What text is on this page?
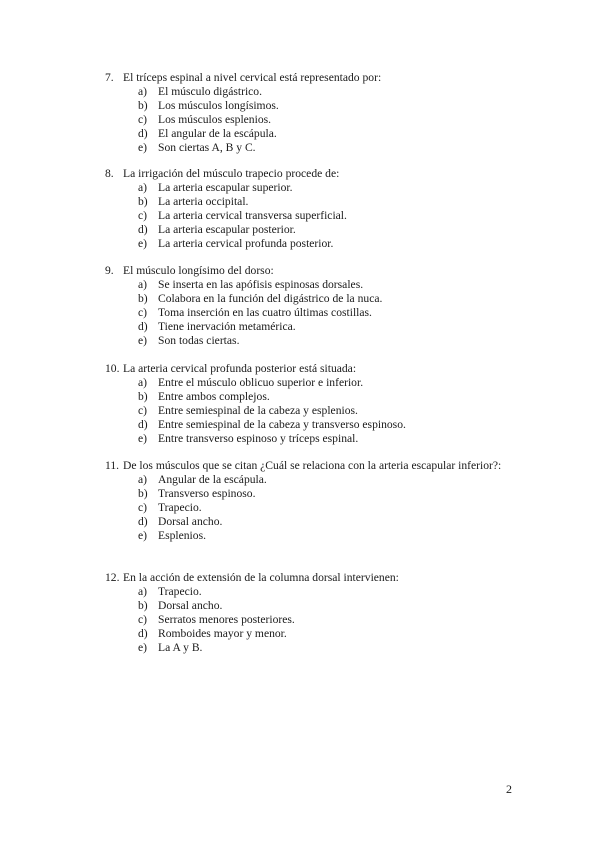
7. El tríceps espinal a nivel cervical está representado por:
a) El músculo digástrico.
b) Los músculos longísimos.
c) Los músculos esplenios.
d) El angular de la escápula.
e) Son ciertas A, B y C.
8. La irrigación del músculo trapecio procede de:
a) La arteria escapular superior.
b) La arteria occipital.
c) La arteria cervical transversa superficial.
d) La arteria escapular posterior.
e) La arteria cervical profunda posterior.
9. El músculo longísimo del dorso:
a) Se inserta en las apófisis espinosas dorsales.
b) Colabora en la función del digástrico de la nuca.
c) Toma inserción en las cuatro últimas costillas.
d) Tiene inervación metamérica.
e) Son todas ciertas.
10. La arteria cervical profunda posterior está situada:
a) Entre el músculo oblicuo superior e inferior.
b) Entre ambos complejos.
c) Entre semiespinal de la cabeza y esplenios.
d) Entre semiespinal de la cabeza y transverso espinoso.
e) Entre transverso espinoso y tríceps espinal.
11. De los músculos que se citan ¿Cuál se relaciona con la arteria escapular inferior?:
a) Angular de la escápula.
b) Transverso espinoso.
c) Trapecio.
d) Dorsal ancho.
e) Esplenios.
12. En la acción de extensión de la columna dorsal intervienen:
a) Trapecio.
b) Dorsal ancho.
c) Serratos menores posteriores.
d) Romboides mayor y menor.
e) La A y B.
2
